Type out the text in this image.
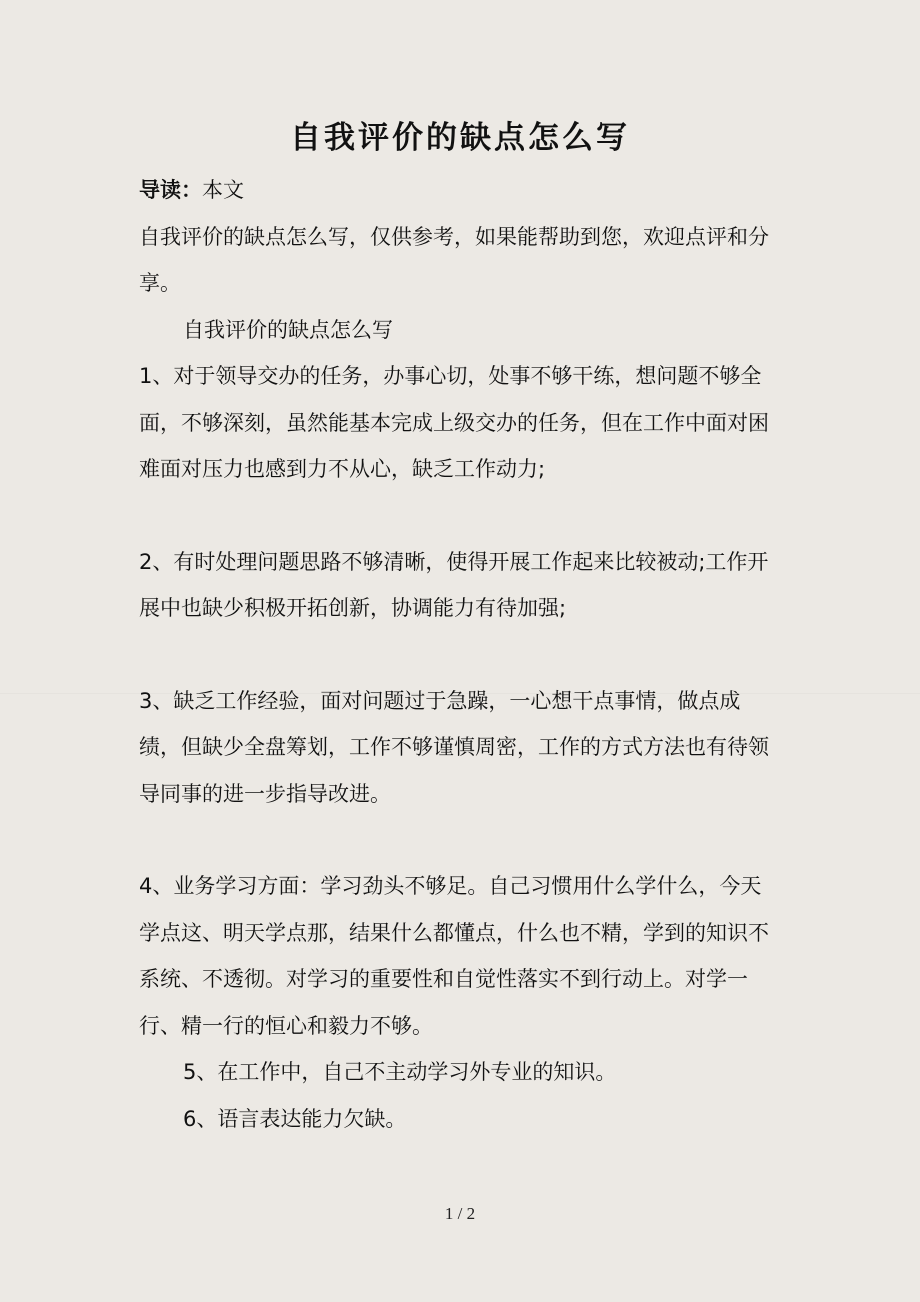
自我评价的缺点怎么写

导读：本文

自我评价的缺点怎么写，仅供参考，如果能帮助到您，欢迎点评和分享。

自我评价的缺点怎么写

1、对于领导交办的任务，办事心切，处事不够干练，想问题不够全面，不够深刻，虽然能基本完成上级交办的任务，但在工作中面对困难面对压力也感到力不从心，缺乏工作动力;

2、有时处理问题思路不够清晰，使得开展工作起来比较被动;工作开展中也缺少积极开拓创新，协调能力有待加强;

3、缺乏工作经验，面对问题过于急躁，一心想干点事情，做点成绩，但缺少全盘筹划，工作不够谨慎周密，工作的方式方法也有待领导同事的进一步指导改进。

4、业务学习方面：学习劲头不够足。自己习惯用什么学什么，今天学点这、明天学点那，结果什么都懂点，什么也不精，学到的知识不系统、不透彻。对学习的重要性和自觉性落实不到行动上。对学一行、精一行的恒心和毅力不够。

5、在工作中，自己不主动学习外专业的知识。

6、语言表达能力欠缺。

1 / 2
